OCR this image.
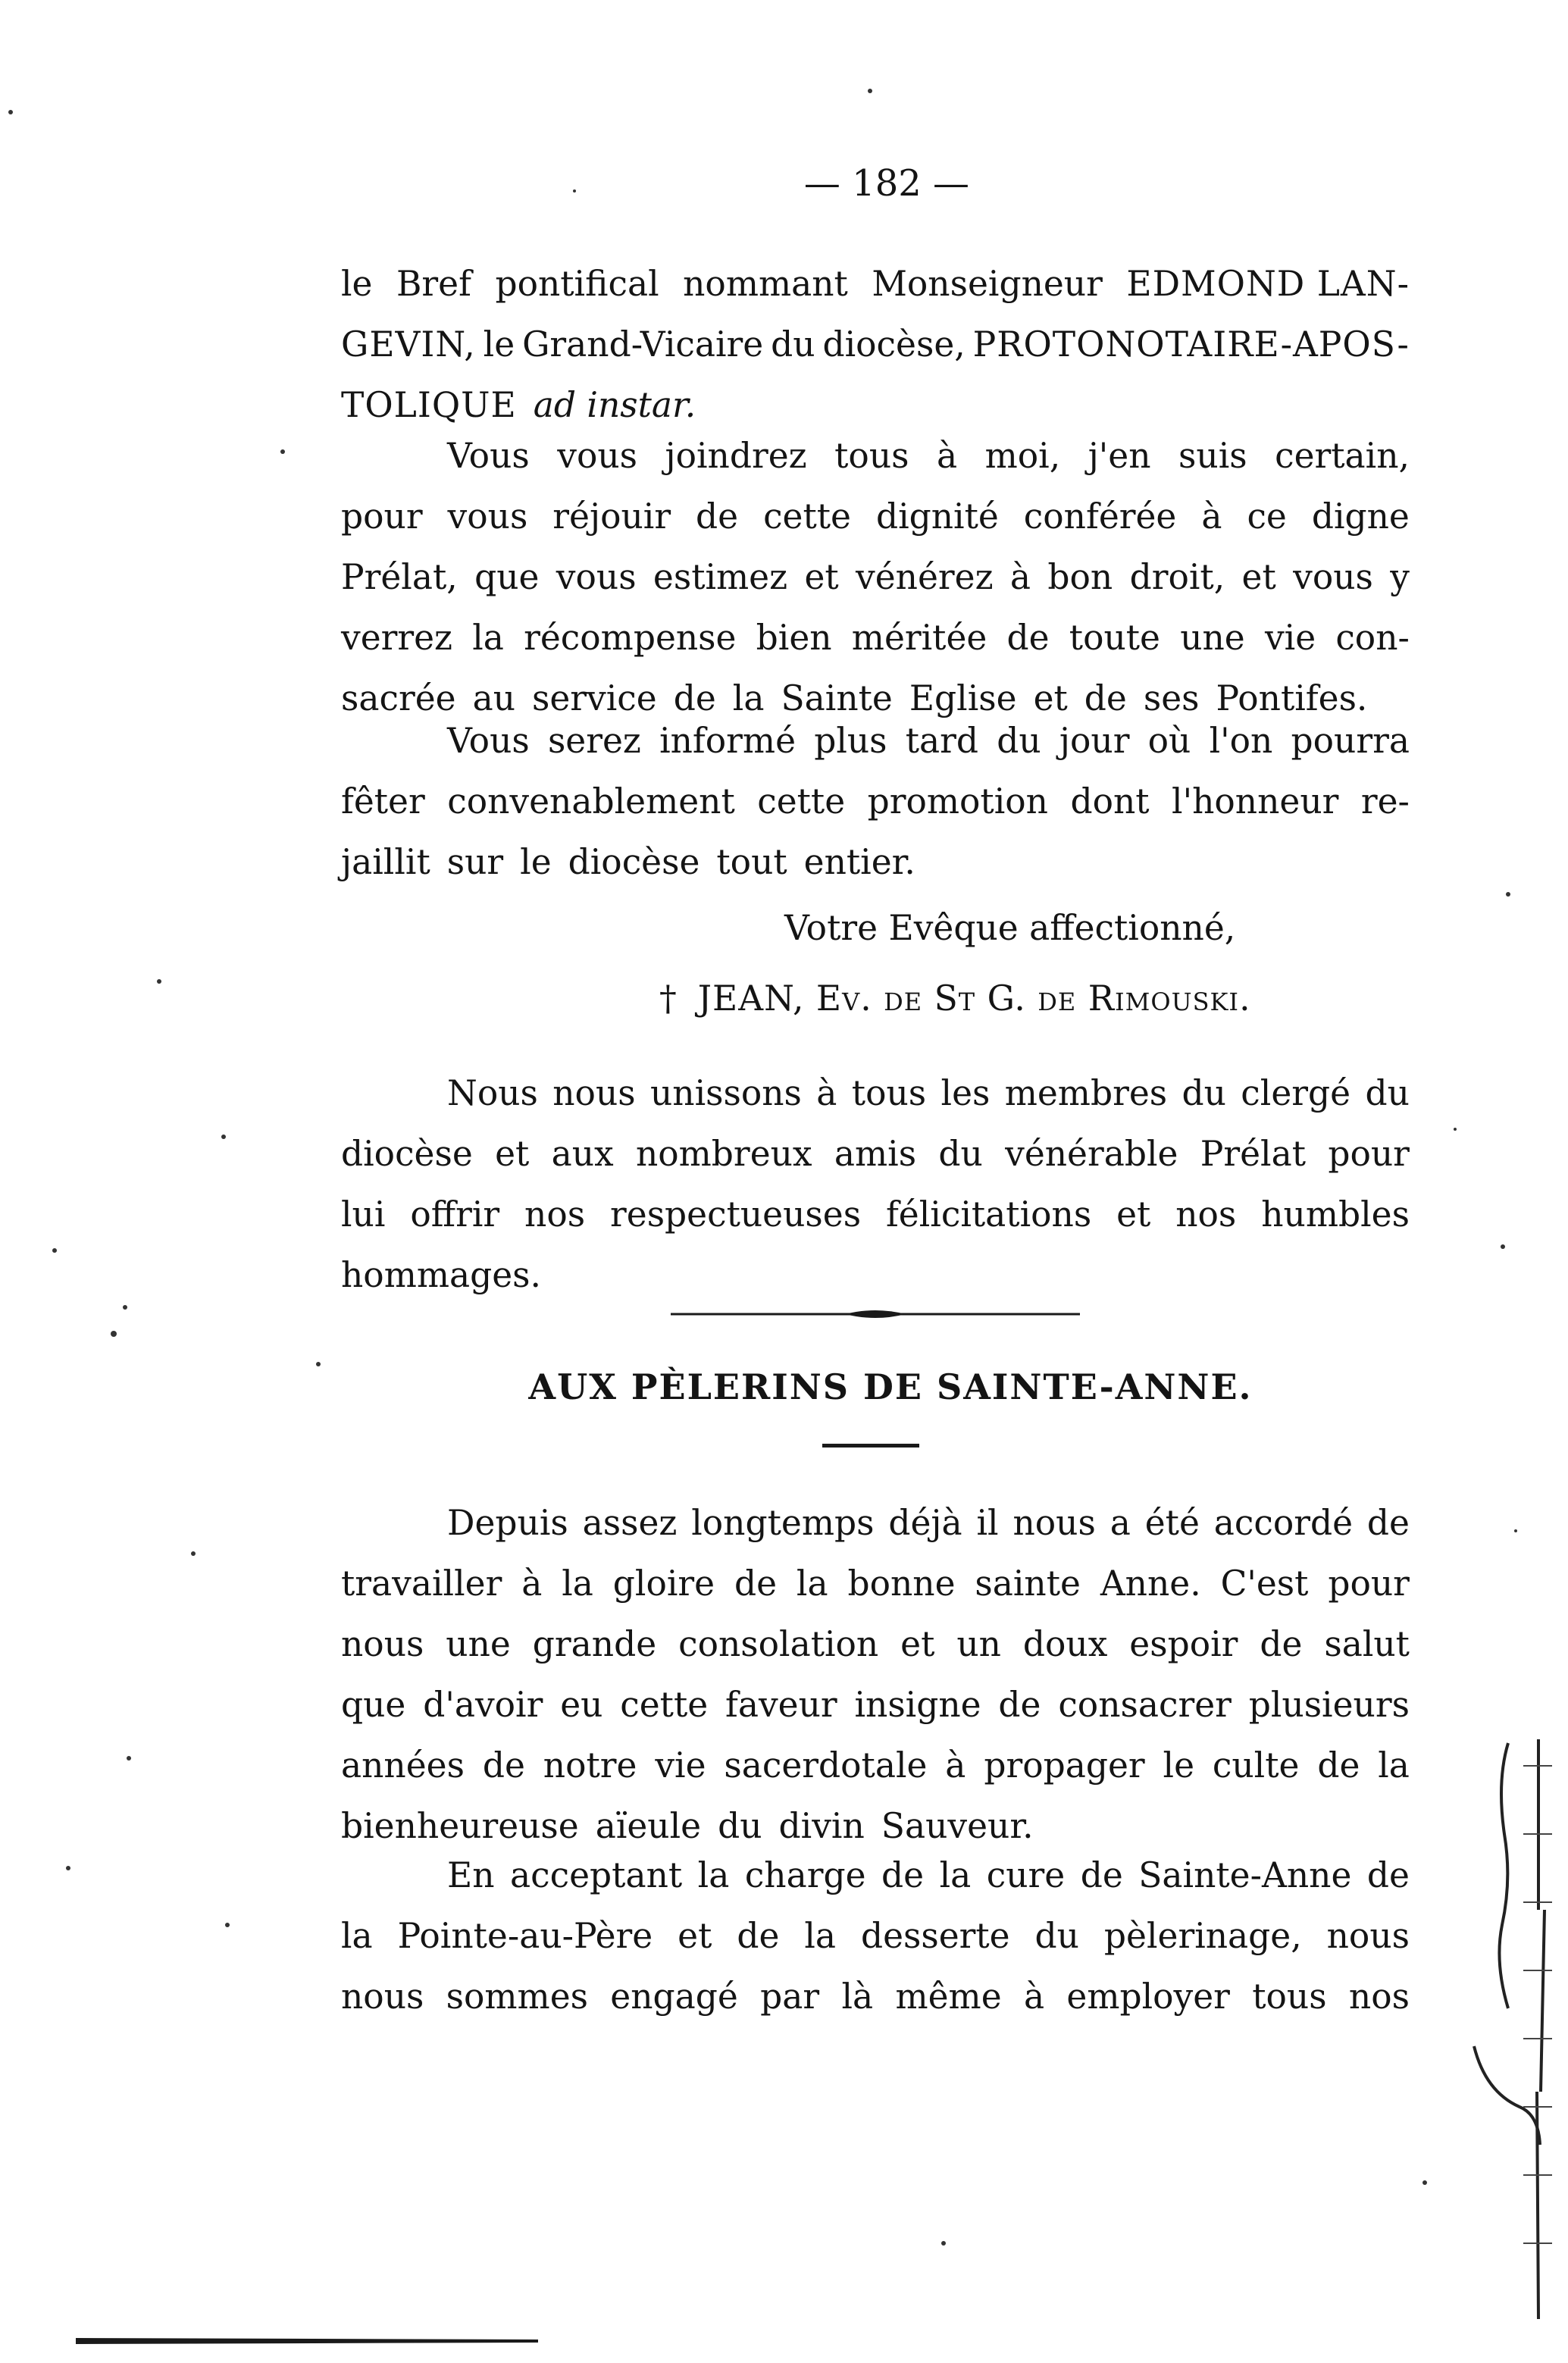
— 182 —
le Bref pontifical nommant Monseigneur EDMOND LAN-
GEVIN, le Grand-Vicaire du diocèse, PROTONOTAIRE-APOS-
TOLIQUE ad instar.
Vous vous joindrez tous à moi, j'en suis certain,
pour vous réjouir de cette dignité conférée à ce digne
Prélat, que vous estimez et vénérez à bon droit, et vous y
verrez la récompense bien méritée de toute une vie con-
sacrée au service de la Sainte Eglise et de ses Pontifes.
Vous serez informé plus tard du jour où l'on pourra
fêter convenablement cette promotion dont l'honneur re-
jaillit sur le diocèse tout entier.
Votre Evêque affectionné,
† JEAN, Ev. de St G. de Rimouski.
Nous nous unissons à tous les membres du clergé du
diocèse et aux nombreux amis du vénérable Prélat pour
lui offrir nos respectueuses félicitations et nos humbles
hommages.
AUX PÈLERINS DE SAINTE-ANNE.
Depuis assez longtemps déjà il nous a été accordé de
travailler à la gloire de la bonne sainte Anne. C'est pour
nous une grande consolation et un doux espoir de salut
que d'avoir eu cette faveur insigne de consacrer plusieurs
années de notre vie sacerdotale à propager le culte de la
bienheureuse aïeule du divin Sauveur.
En acceptant la charge de la cure de Sainte-Anne de
la Pointe-au-Père et de la desserte du pèlerinage, nous
nous sommes engagé par là même à employer tous nos
